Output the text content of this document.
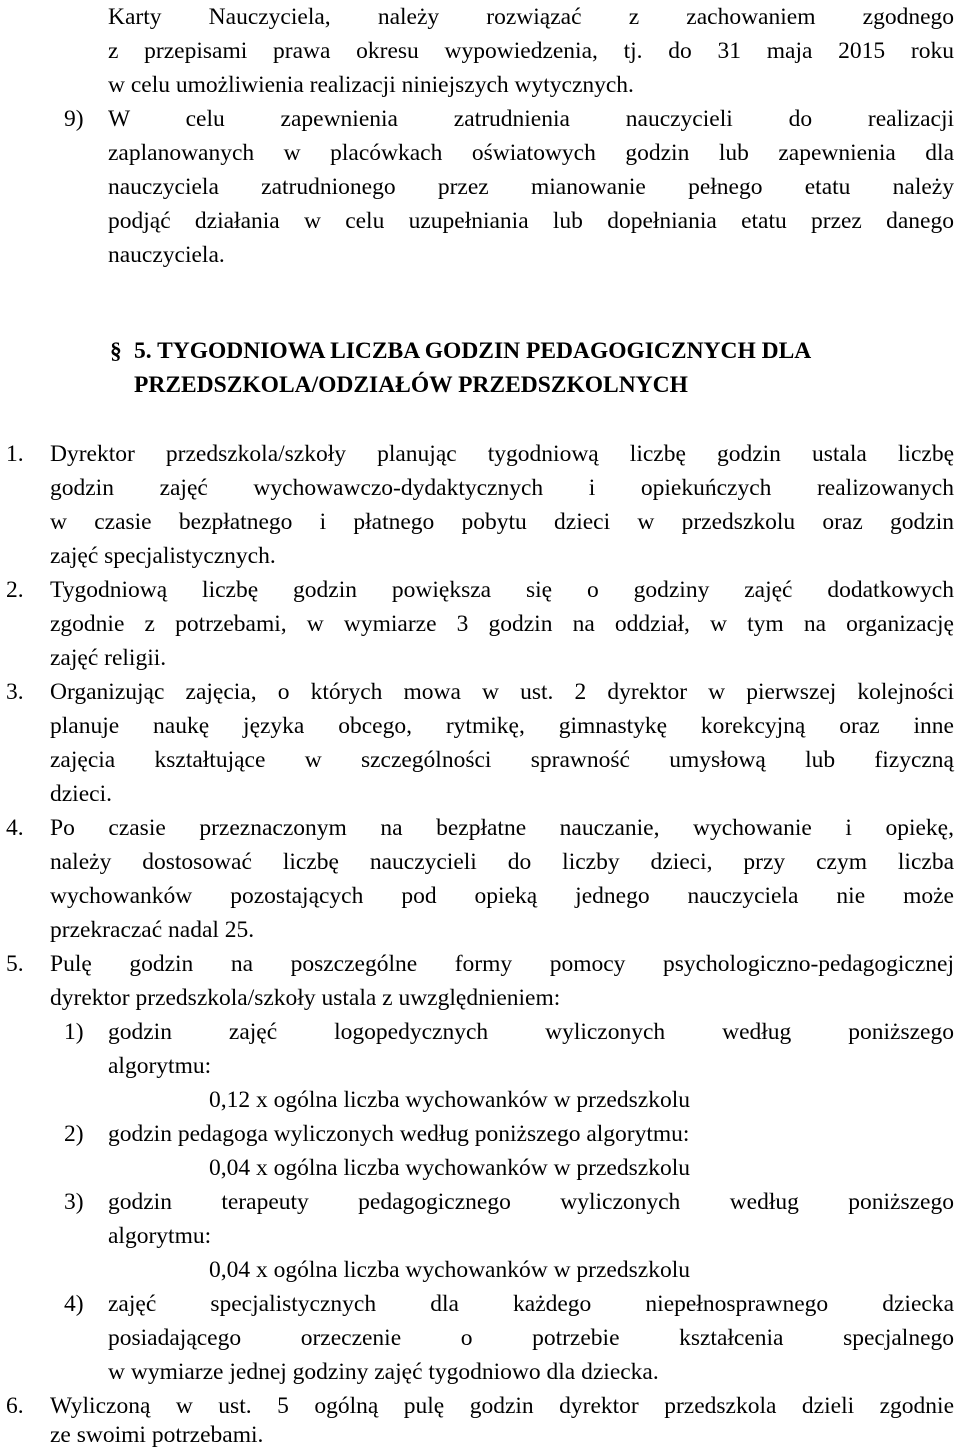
Karty Nauczyciela, należy rozwiązać z zachowaniem zgodnego
z przepisami prawa okresu wypowiedzenia, tj. do 31 maja 2015 roku
w celu umożliwienia realizacji niniejszych wytycznych.
9) W celu zapewnienia zatrudnienia nauczycieli do realizacji
zaplanowanych w placówkach oświatowych godzin lub zapewnienia dla
nauczyciela zatrudnionego przez mianowanie pełnego etatu należy
podjąć działania w celu uzupełniania lub dopełniania etatu przez danego
nauczyciela.
§ 5. TYGODNIOWA LICZBA GODZIN PEDAGOGICZNYCH DLA
PRZEDSZKOLA/ODZIAŁÓW PRZEDSZKOLNYCH
1. Dyrektor przedszkola/szkoły planując tygodniową liczbę godzin ustala liczbę
godzin zajęć wychowawczo-dydaktycznych i opiekuńczych realizowanych
w czasie bezpłatnego i płatnego pobytu dzieci w przedszkolu oraz godzin
zajęć specjalistycznych.
2. Tygodniową liczbę godzin powiększa się o godziny zajęć dodatkowych
zgodnie z potrzebami, w wymiarze 3 godzin na oddział, w tym na organizację
zajęć religii.
3. Organizując zajęcia, o których mowa w ust. 2 dyrektor w pierwszej kolejności
planuje naukę języka obcego, rytmikę, gimnastykę korekcyjną oraz inne
zajęcia kształtujące w szczególności sprawność umysłową lub fizyczną
dzieci.
4. Po czasie przeznaczonym na bezpłatne nauczanie, wychowanie i opiekę,
należy dostosować liczbę nauczycieli do liczby dzieci, przy czym liczba
wychowanków pozostających pod opieką jednego nauczyciela nie może
przekraczać nadal 25.
5. Pulę godzin na poszczególne formy pomocy psychologiczno-pedagogicznej
dyrektor przedszkola/szkoły ustala z uwzględnieniem:
1) godzin zajęć logopedycznych wyliczonych według poniższego
algorytmu:
0,12 x ogólna liczba wychowanków w przedszkolu
2) godzin pedagoga wyliczonych według poniższego algorytmu:
0,04 x ogólna liczba wychowanków w przedszkolu
3) godzin terapeuty pedagogicznego wyliczonych według poniższego
algorytmu:
0,04 x ogólna liczba wychowanków w przedszkolu
4) zajęć specjalistycznych dla każdego niepełnosprawnego dziecka
posiadającego orzeczenie o potrzebie kształcenia specjalnego
w wymiarze jednej godziny zajęć tygodniowo dla dziecka.
6. Wyliczoną w ust. 5 ogólną pulę godzin dyrektor przedszkola dzieli zgodnie
ze swoimi potrzebami.
